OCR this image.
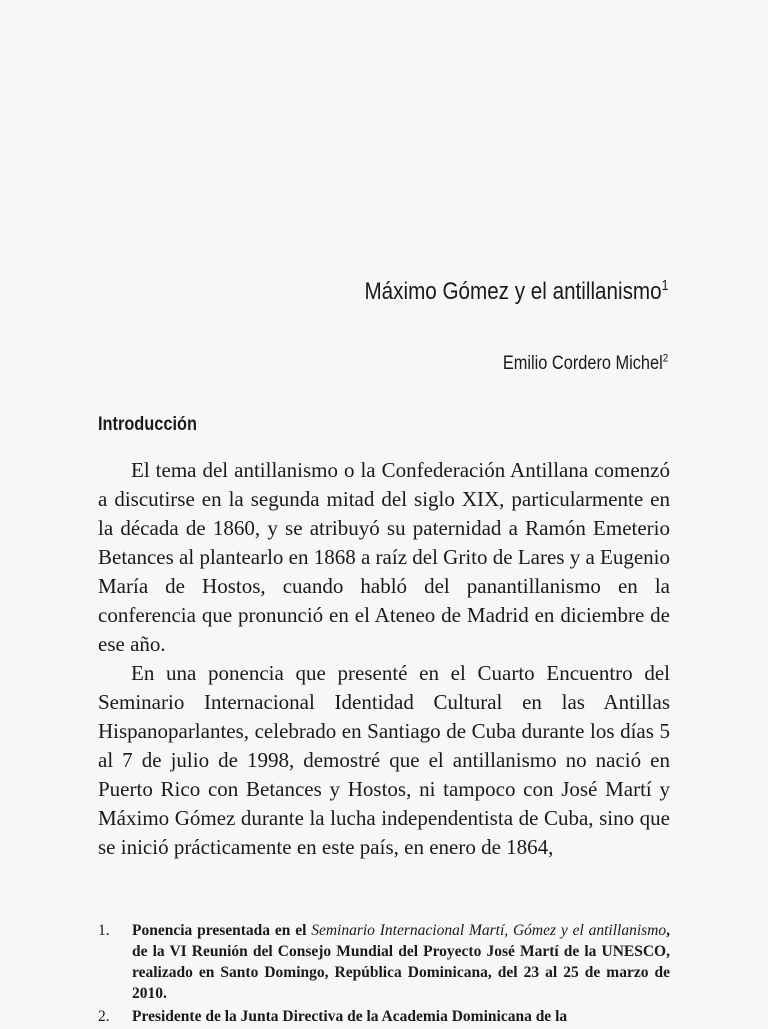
Máximo Gómez y el antillanismo$^1$
Emilio Cordero Michel$^2$
Introducción

El tema del antillanismo o la Confederación Antillana comenzó a discutirse en la segunda mitad del siglo XIX, particularmente en la década de 1860, y se atribuyó su paternidad a Ramón Emeterio Betances al plantearlo en 1868 a raíz del Grito de Lares y a Eugenio María de Hostos, cuando habló del panantillanismo en la conferencia que pronunció en el Ateneo de Madrid en diciembre de ese año.

En una ponencia que presenté en el Cuarto Encuentro del Seminario Internacional Identidad Cultural en las Antillas Hispanoparlantes, celebrado en Santiago de Cuba durante los días 5 al 7 de julio de 1998, demostré que el antillanismo no nació en Puerto Rico con Betances y Hostos, ni tampoco con José Martí y Máximo Gómez durante la lucha independentista de Cuba, sino que se inició prácticamente en este país, en enero de 1864,

1.	Ponencia presentada en el Seminario Internacional Martí, Gómez y el antillanismo, de la VI Reunión del Consejo Mundial del Proyecto José Martí de la UNESCO, realizado en Santo Domingo, República Dominicana, del 23 al 25 de marzo de 2010.
2.	Presidente de la Junta Directiva de la Academia Dominicana de la
